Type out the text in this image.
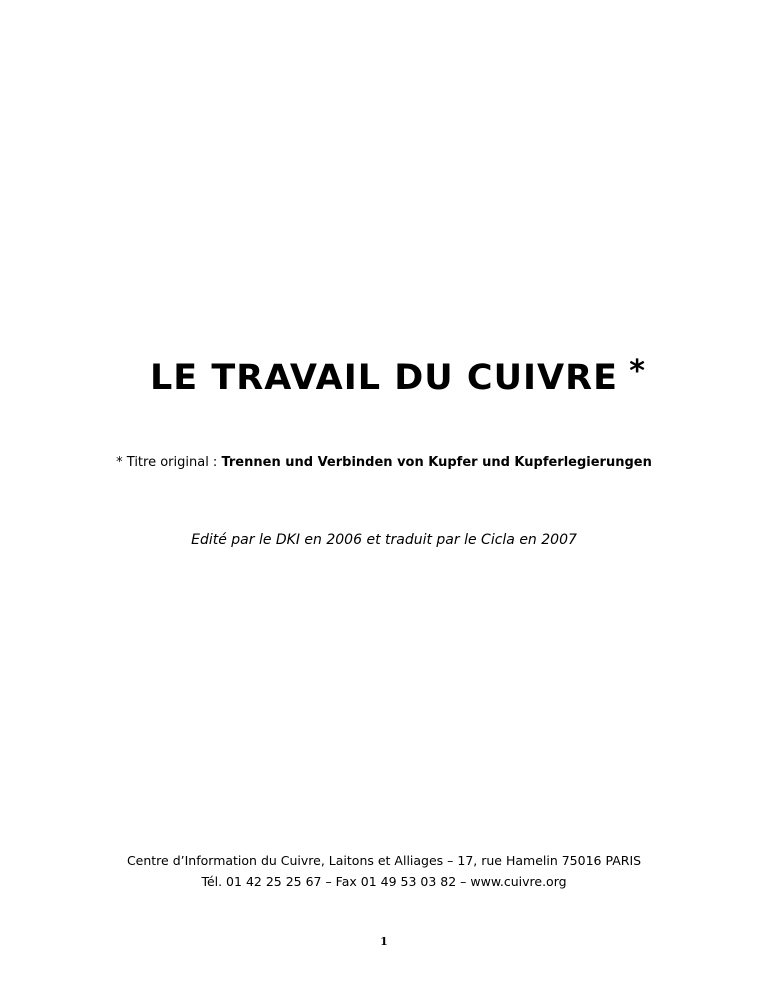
LE TRAVAIL DU CUIVRE *
* Titre original : Trennen und Verbinden von Kupfer und Kupferlegierungen
Edité par le DKI en 2006 et traduit par le Cicla en 2007
Centre d’Information du Cuivre, Laitons et Alliages – 17, rue Hamelin 75016 PARIS
Tél. 01 42 25 25 67 – Fax 01 49 53 03 82 – www.cuivre.org
1
